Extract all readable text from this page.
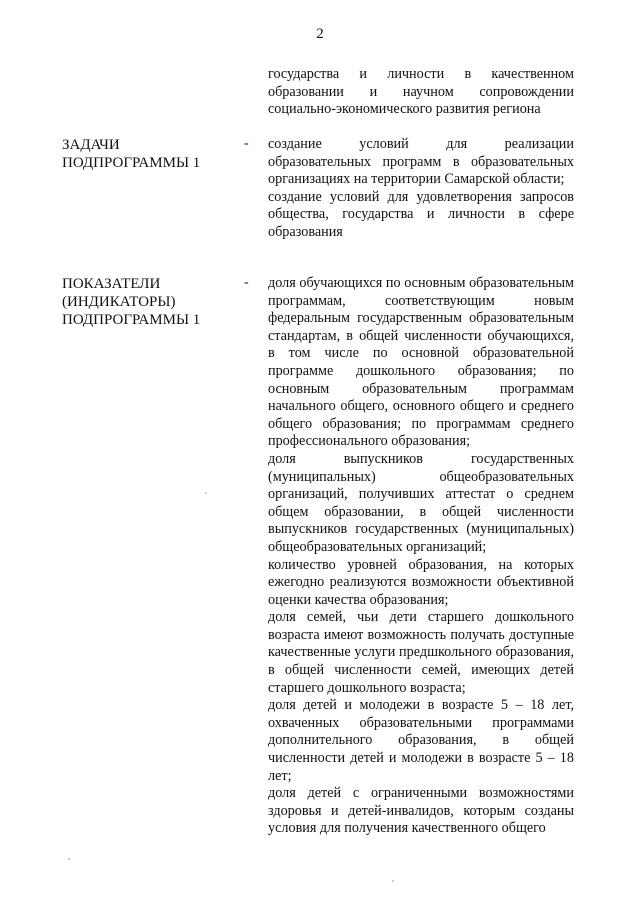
2

государства и личности в качественном образовании и научном сопровождении социально-экономического развития региона

ЗАДАЧИ
ПОДПРОГРАММЫ 1
- создание условий для реализации образовательных программ в образовательных организациях на территории Самарской области;

создание условий для удовлетворения запросов общества, государства и личности в сфере образования

ПОКАЗАТЕЛИ
(ИНДИКАТОРЫ)
ПОДПРОГРАММЫ 1
- доля обучающихся по основным образовательным программам, соответствующим новым федеральным государственным образовательным стандартам, в общей численности обучающихся, в том числе по основной образовательной программе дошкольного образования; по основным образовательным программам начального общего, основного общего и среднего общего образования; по программам среднего профессионального образования;

доля выпускников государственных (муниципальных) общеобразовательных организаций, получивших аттестат о среднем общем образовании, в общей численности выпускников государственных (муниципальных) общеобразовательных организаций;

количество уровней образования, на которых ежегодно реализуются возможности объективной оценки качества образования;

доля семей, чьи дети старшего дошкольного возраста имеют возможность получать доступные качественные услуги предшкольного образования, в общей численности семей, имеющих детей старшего дошкольного возраста;

доля детей и молодежи в возрасте 5 – 18 лет, охваченных образовательными программами дополнительного образования, в общей численности детей и молодежи в возрасте 5 – 18 лет;

доля детей с ограниченными возможностями здоровья и детей-инвалидов, которым созданы условия для получения качественного общего
